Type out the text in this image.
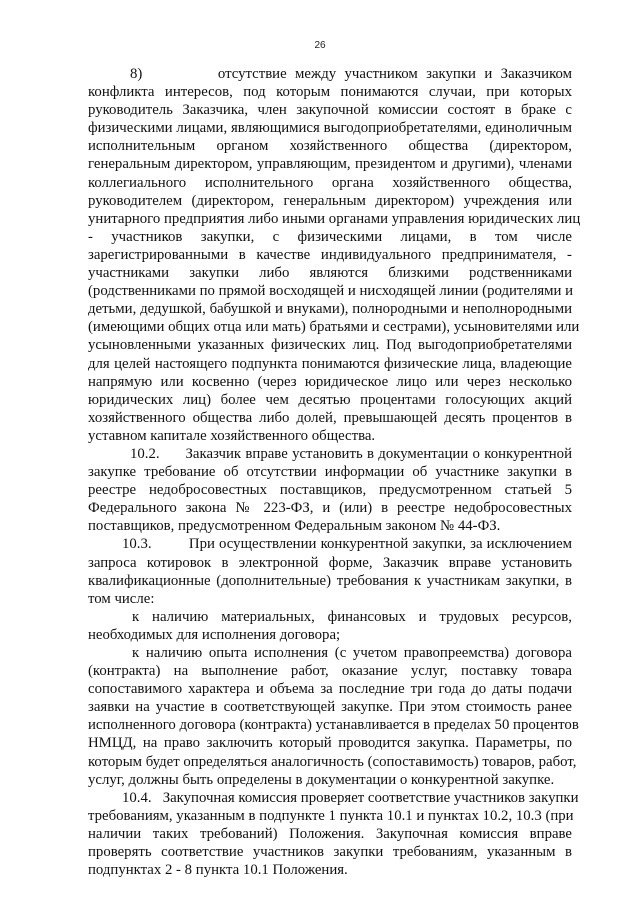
26
8)         отсутствие между участником закупки и Заказчиком
конфликта интересов, под которым понимаются случаи, при которых
руководитель Заказчика, член закупочной комиссии состоят в браке с
физическими лицами, являющимися выгодоприобретателями, единоличным
исполнительным органом хозяйственного общества (директором,
генеральным директором, управляющим, президентом и другими), членами
коллегиального исполнительного органа хозяйственного общества,
руководителем (директором, генеральным директором) учреждения или
унитарного предприятия либо иными органами управления юридических лиц
- участников закупки, с физическими лицами, в том числе
зарегистрированными в качестве индивидуального предпринимателя, -
участниками закупки либо являются близкими родственниками
(родственниками по прямой восходящей и нисходящей линии (родителями и
детьми, дедушкой, бабушкой и внуками), полнородными и неполнородными
(имеющими общих отца или мать) братьями и сестрами), усыновителями или
усыновленными указанных физических лиц. Под выгодоприобретателями
для целей настоящего подпункта понимаются физические лица, владеющие
напрямую или косвенно (через юридическое лицо или через несколько
юридических лиц) более чем десятью процентами голосующих акций
хозяйственного общества либо долей, превышающей десять процентов в
уставном капитале хозяйственного общества.
10.2.      Заказчик вправе установить в документации о конкурентной
закупке требование об отсутствии информации об участнике закупки в
реестре недобросовестных поставщиков, предусмотренном статьей 5
Федерального закона № 223-ФЗ, и (или) в реестре недобросовестных
поставщиков, предусмотренном Федеральным законом № 44-ФЗ.
10.3.         При осуществлении конкурентной закупки, за исключением
запроса котировок в электронной форме, Заказчик вправе установить
квалификационные (дополнительные) требования к участникам закупки, в
том числе:
к наличию материальных, финансовых и трудовых ресурсов,
необходимых для исполнения договора;
к наличию опыта исполнения (с учетом правопреемства) договора
(контракта) на выполнение работ, оказание услуг, поставку товара
сопоставимого характера и объема за последние три года до даты подачи
заявки на участие в соответствующей закупке. При этом стоимость ранее
исполненного договора (контракта) устанавливается в пределах 50 процентов
НМЦД, на право заключить который проводится закупка. Параметры, по
которым будет определяться аналогичность (сопоставимость) товаров, работ,
услуг, должны быть определены в документации о конкурентной закупке.
10.4.   Закупочная комиссия проверяет соответствие участников закупки
требованиям, указанным в подпункте 1 пункта 10.1 и пунктах 10.2, 10.3 (при
наличии таких требований) Положения. Закупочная комиссия вправе
проверять соответствие участников закупки требованиям, указанным в
подпунктах 2 - 8 пункта 10.1 Положения.
